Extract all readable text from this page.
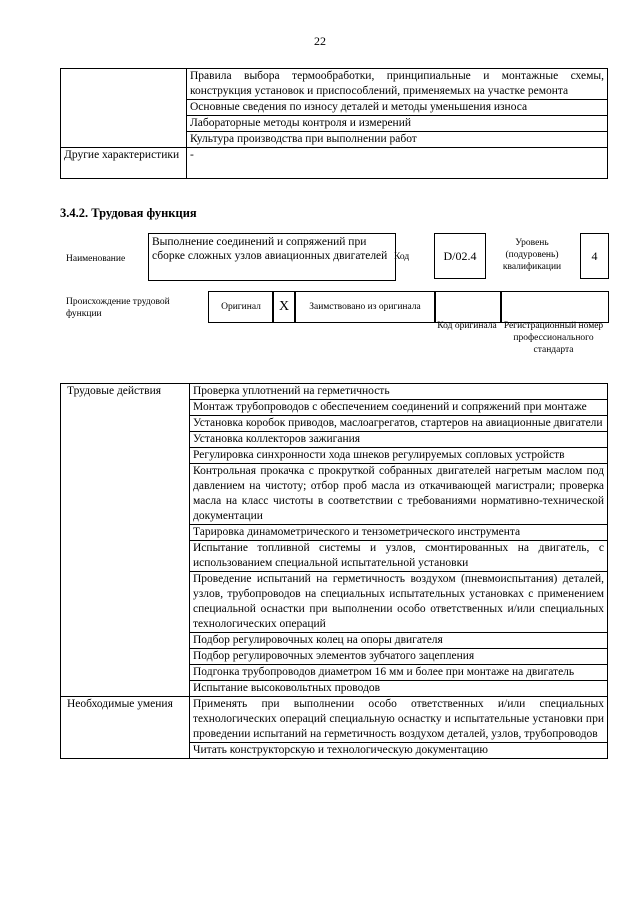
22
	Правила выбора термообработки, принципиальные и монтажные схемы, конструкция установок и приспособлений, применяемых на участке ремонта
	Основные сведения по износу деталей и методы уменьшения износа
	Лабораторные методы контроля и измерений
	Культура производства при выполнении работ
Другие характеристики	-
3.4.2. Трудовая функция
Наименование
Выполнение соединений и сопряжений при сборке сложных узлов авиационных двигателей Код	D/02.4
Уровень (подуровень) квалификации
4
Происхождение трудовой функции
Оригинал	X	Заимствовано из оригинала
Код оригинала Регистрационный номер профессионального стандарта
Трудовые действия	Проверка уплотнений на герметичность
	Монтаж трубопроводов с обеспечением соединений и сопряжений при монтаже
	Установка коробок приводов, маслоагрегатов, стартеров на авиационные двигатели
	Установка коллекторов зажигания
	Регулировка синхронности хода шнеков регулируемых сопловых устройств
	Контрольная прокачка с прокруткой собранных двигателей нагретым маслом под давлением на чистоту; отбор проб масла из откачивающей магистрали; проверка масла на класс чистоты в соответствии с требованиями нормативно-технической документации
	Тарировка динамометрического и тензометрического инструмента
	Испытание топливной системы и узлов, смонтированных на двигатель, с использованием специальной испытательной установки
	Проведение испытаний на герметичность воздухом (пневмоиспытания) деталей, узлов, трубопроводов на специальных испытательных установках с применением специальной оснастки при выполнении особо ответственных и/или специальных технологических операций
	Подбор регулировочных колец на опоры двигателя
	Подбор регулировочных элементов зубчатого зацепления
	Подгонка трубопроводов диаметром 16 мм и более при монтаже на двигатель
	Испытание высоковольтных проводов
Необходимые умения	Применять при выполнении особо ответственных и/или специальных технологических операций специальную оснастку и испытательные установки при проведении испытаний на герметичность воздухом деталей, узлов, трубопроводов
	Читать конструкторскую и технологическую документацию
